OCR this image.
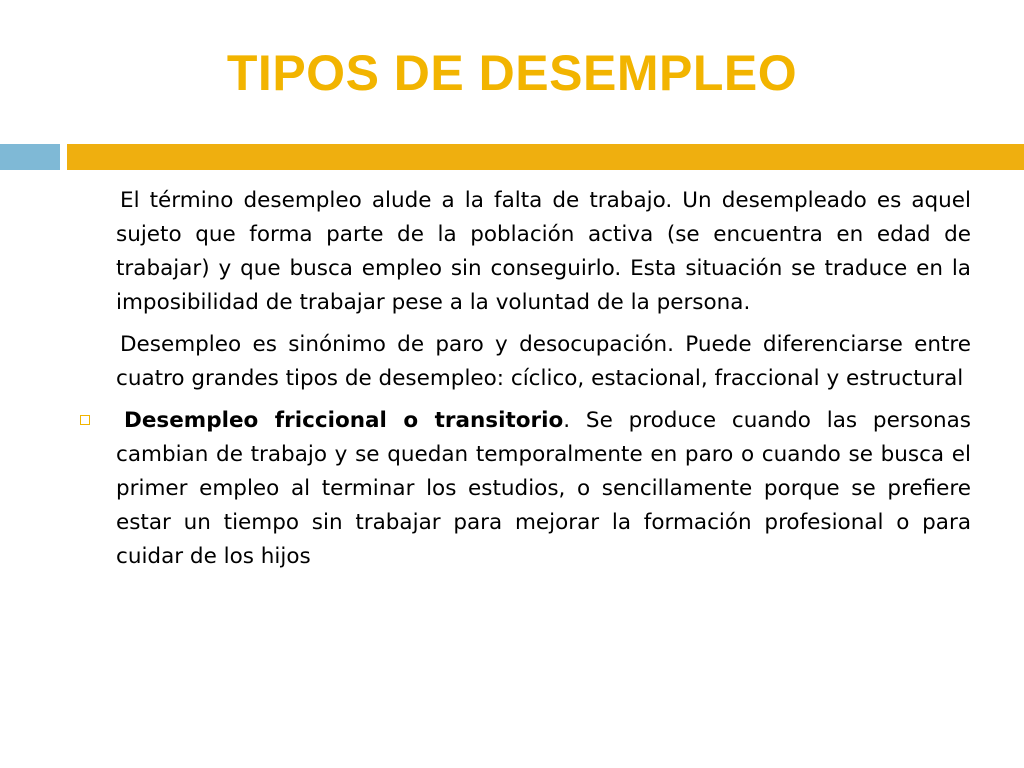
TIPOS DE DESEMPLEO

El término desempleo alude a la falta de trabajo. Un desempleado es aquel sujeto que forma parte de la población activa (se encuentra en edad de trabajar) y que busca empleo sin conseguirlo. Esta situación se traduce en la imposibilidad de trabajar pese a la voluntad de la persona.

Desempleo es sinónimo de paro y desocupación. Puede diferenciarse entre cuatro grandes tipos de desempleo: cíclico, estacional, fraccional y estructural

Desempleo friccional o transitorio. Se produce cuando las personas cambian de trabajo y se quedan temporalmente en paro o cuando se busca el primer empleo al terminar los estudios, o sencillamente porque se prefiere estar un tiempo sin trabajar para mejorar la formación profesional o para cuidar de los hijos
